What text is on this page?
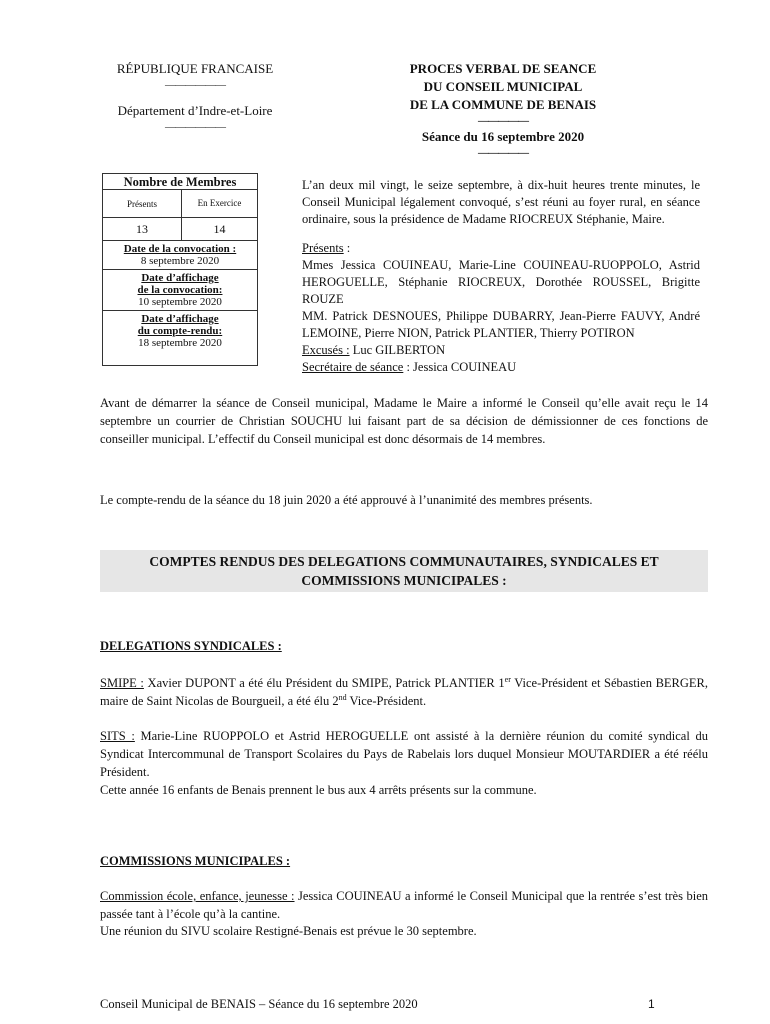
RÉPUBLIQUE FRANCAISE
——————
Département d’Indre-et-Loire
——————
PROCES VERBAL DE SEANCE
DU CONSEIL MUNICIPAL
DE LA COMMUNE DE BENAIS
—————
Séance du 16 septembre 2020
—————
Nombre de Membres	
Présents	En Exercice
13	14

Date de la convocation :
8 septembre 2020	

Date d’affichage
de la convocation:
10 septembre 2020	

Date d’affichage
du compte-rendu:
18 septembre 2020	
L’an deux mil vingt, le seize septembre, à dix-huit heures trente minutes, le Conseil Municipal légalement convoqué, s’est réuni au foyer rural, en séance ordinaire, sous la présidence de Madame RIOCREUX Stéphanie, Maire.
Présents :
Mmes Jessica COUINEAU, Marie-Line COUINEAU-RUOPPOLO, Astrid HEROGUELLE, Stéphanie RIOCREUX, Dorothée ROUSSEL, Brigitte ROUZE
MM. Patrick DESNOUES, Philippe DUBARRY, Jean-Pierre FAUVY, André LEMOINE, Pierre NION, Patrick PLANTIER, Thierry POTIRON
Excusés : Luc GILBERTON
Secrétaire de séance : Jessica COUINEAU
Avant de démarrer la séance de Conseil municipal, Madame le Maire a informé le Conseil qu’elle avait reçu le 14 septembre un courrier de Christian SOUCHU lui faisant part de sa décision de démissionner de ces fonctions de conseiller municipal. L’effectif du Conseil municipal est donc désormais de 14 membres.
Le compte-rendu de la séance du 18 juin 2020 a été approuvé à l’unanimité des membres présents.
COMPTES RENDUS DES DELEGATIONS COMMUNAUTAIRES, SYNDICALES ET COMMISSIONS MUNICIPALES :
DELEGATIONS SYNDICALES :
SMIPE : Xavier DUPONT a été élu Président du SMIPE, Patrick PLANTIER 1er Vice-Président et Sébastien BERGER, maire de Saint Nicolas de Bourgueil, a été élu 2nd Vice-Président.
SITS : Marie-Line RUOPPOLO et Astrid HEROGUELLE ont assisté à la dernière réunion du comité syndical du Syndicat Intercommunal de Transport Scolaires du Pays de Rabelais lors duquel Monsieur MOUTARDIER a été réélu Président.
Cette année 16 enfants de Benais prennent le bus aux 4 arrêts présents sur la commune.
COMMISSIONS MUNICIPALES :
Commission école, enfance, jeunesse : Jessica COUINEAU a informé le Conseil Municipal que la rentrée s’est très bien passée tant à l’école qu’à la cantine.
Une réunion du SIVU scolaire Restigné-Benais est prévue le 30 septembre.
Conseil Municipal de BENAIS – Séance du 16 septembre 2020	1
